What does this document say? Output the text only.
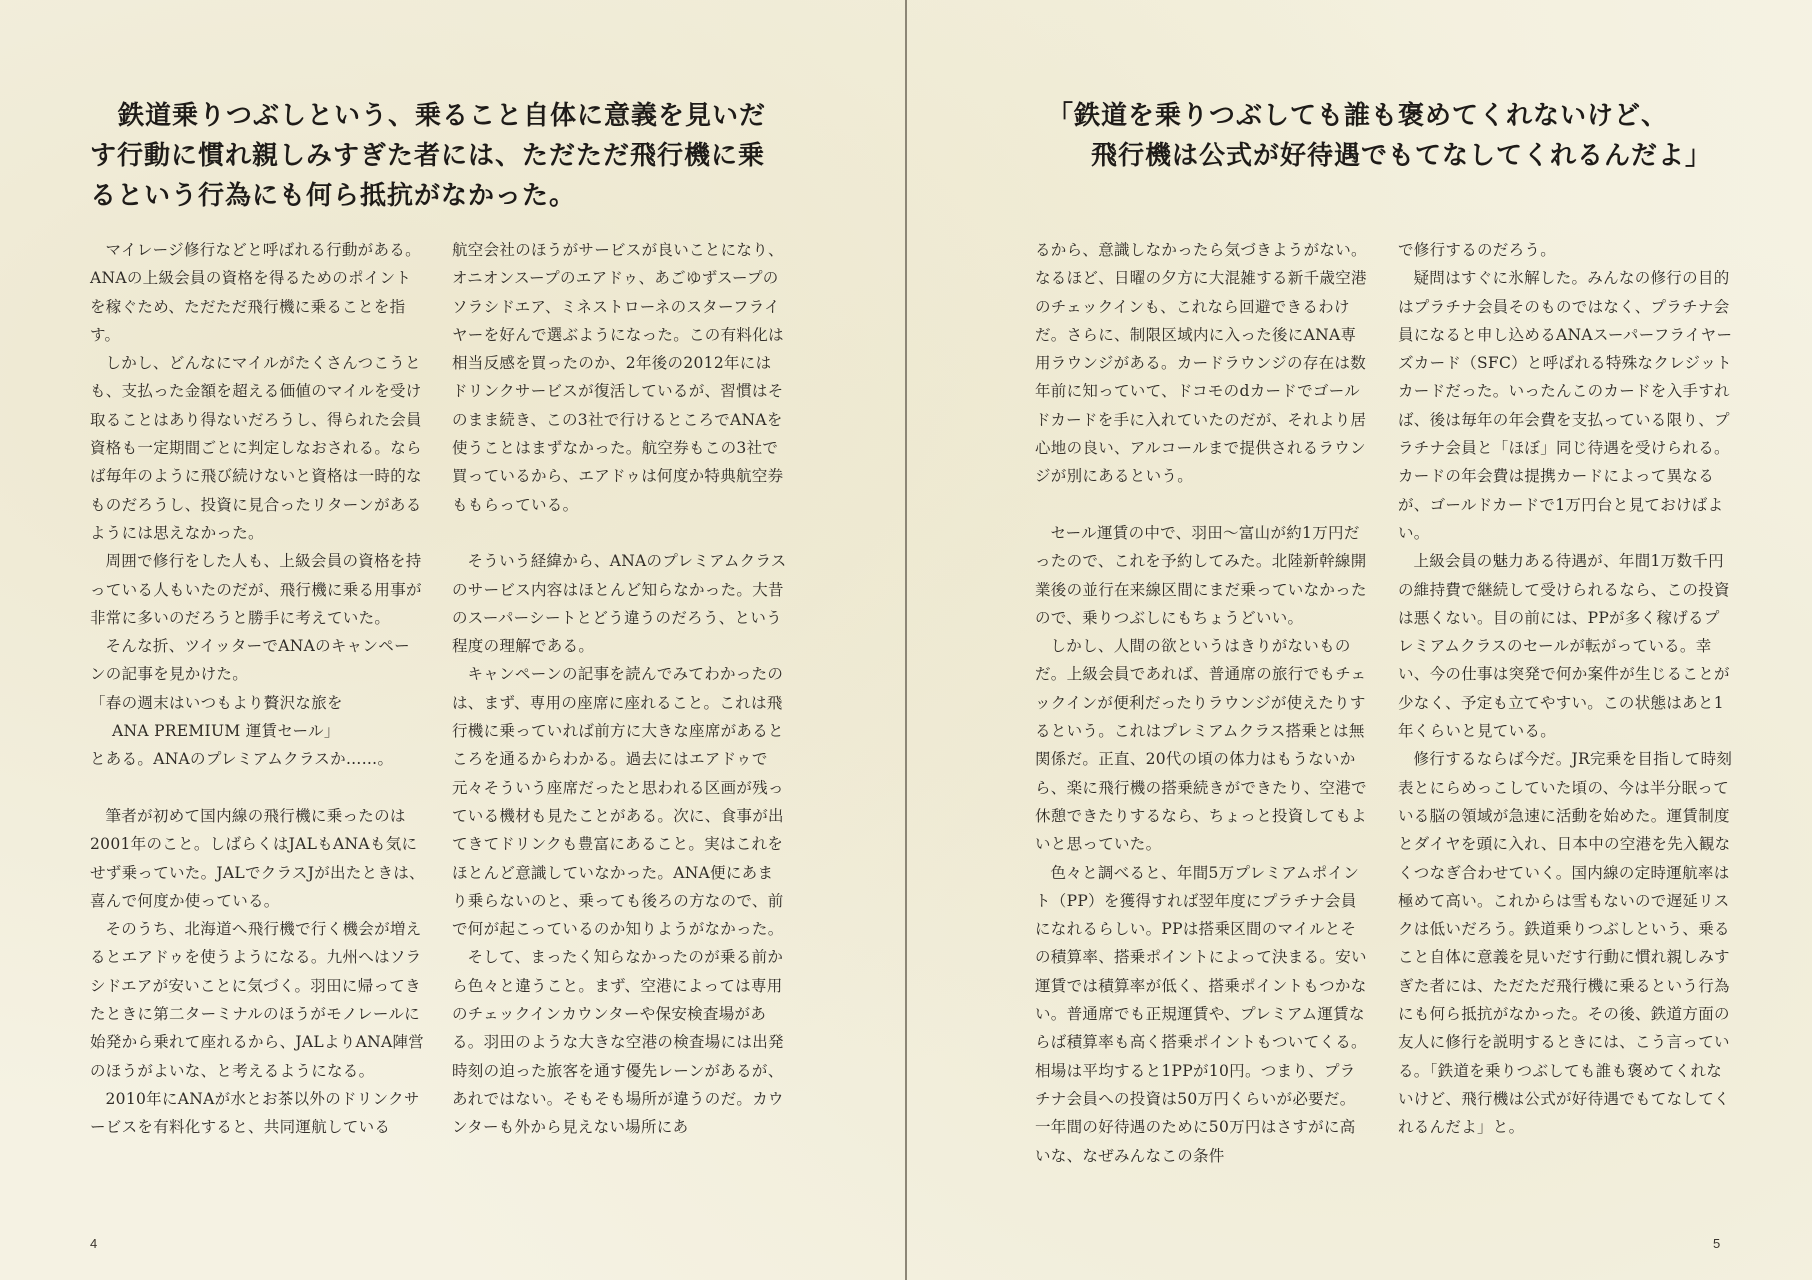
鉄道乗りつぶしという、乗ること自体に意義を見いだす行動に慣れ親しみすぎた者には、ただただ飛行機に乗るという行為にも何ら抵抗がなかった。

マイレージ修行などと呼ばれる行動がある。ANAの上級会員の資格を得るためのポイントを稼ぐため、ただただ飛行機に乗ることを指す。

しかし、どんなにマイルがたくさんつこうとも、支払った金額を超える価値のマイルを受け取ることはあり得ないだろうし、得られた会員資格も一定期間ごとに判定しなおされる。ならば毎年のように飛び続けないと資格は一時的なものだろうし、投資に見合ったリターンがあるようには思えなかった。

周囲で修行をした人も、上級会員の資格を持っている人もいたのだが、飛行機に乗る用事が非常に多いのだろうと勝手に考えていた。

そんな折、ツイッターでANAのキャンペーンの記事を見かけた。

「春の週末はいつもより贅沢な旅を

ANA PREMIUM 運賃セール」

とある。ANAのプレミアムクラスか……。

筆者が初めて国内線の飛行機に乗ったのは2001年のこと。しばらくはJALもANAも気にせず乗っていた。JALでクラスJが出たときは、喜んで何度か使っている。

そのうち、北海道へ飛行機で行く機会が増えるとエアドゥを使うようになる。九州へはソラシドエアが安いことに気づく。羽田に帰ってきたときに第二ターミナルのほうがモノレールに始発から乗れて座れるから、JALよりANA陣営のほうがよいな、と考えるようになる。

2010年にANAが水とお茶以外のドリンクサービスを有料化すると、共同運航している

航空会社のほうがサービスが良いことになり、オニオンスープのエアドゥ、あごゆずスープのソラシドエア、ミネストローネのスターフライヤーを好んで選ぶようになった。この有料化は相当反感を買ったのか、2年後の2012年にはドリンクサービスが復活しているが、習慣はそのまま続き、この3社で行けるところでANAを使うことはまずなかった。航空券もこの3社で買っているから、エアドゥは何度か特典航空券ももらっている。

そういう経緯から、ANAのプレミアムクラスのサービス内容はほとんど知らなかった。大昔のスーパーシートとどう違うのだろう、という程度の理解である。

キャンペーンの記事を読んでみてわかったのは、まず、専用の座席に座れること。これは飛行機に乗っていれば前方に大きな座席があるところを通るからわかる。過去にはエアドゥで元々そういう座席だったと思われる区画が残っている機材も見たことがある。次に、食事が出てきてドリンクも豊富にあること。実はこれをほとんど意識していなかった。ANA便にあまり乗らないのと、乗っても後ろの方なので、前で何が起こっているのか知りようがなかった。

そして、まったく知らなかったのが乗る前から色々と違うこと。まず、空港によっては専用のチェックインカウンターや保安検査場がある。羽田のような大きな空港の検査場には出発時刻の迫った旅客を通す優先レーンがあるが、あれではない。そもそも場所が違うのだ。カウンターも外から見えない場所にあ

4
「鉄道を乗りつぶしても誰も褒めてくれないけど、
飛行機は公式が好待遇でもてなしてくれるんだよ」

るから、意識しなかったら気づきようがない。なるほど、日曜の夕方に大混雑する新千歳空港のチェックインも、これなら回避できるわけだ。さらに、制限区域内に入った後にANA専用ラウンジがある。カードラウンジの存在は数年前に知っていて、ドコモのdカードでゴールドカードを手に入れていたのだが、それより居心地の良い、アルコールまで提供されるラウンジが別にあるという。

セール運賃の中で、羽田〜富山が約1万円だったので、これを予約してみた。北陸新幹線開業後の並行在来線区間にまだ乗っていなかったので、乗りつぶしにもちょうどいい。

しかし、人間の欲というはきりがないものだ。上級会員であれば、普通席の旅行でもチェックインが便利だったりラウンジが使えたりするという。これはプレミアムクラス搭乗とは無関係だ。正直、20代の頃の体力はもうないから、楽に飛行機の搭乗続きができたり、空港で休憩できたりするなら、ちょっと投資してもよいと思っていた。

色々と調べると、年間5万プレミアムポイント（PP）を獲得すれば翌年度にプラチナ会員になれるらしい。PPは搭乗区間のマイルとその積算率、搭乗ポイントによって決まる。安い運賃では積算率が低く、搭乗ポイントもつかない。普通席でも正規運賃や、プレミアム運賃ならば積算率も高く搭乗ポイントもついてくる。相場は平均すると1PPが10円。つまり、プラチナ会員への投資は50万円くらいが必要だ。一年間の好待遇のために50万円はさすがに高いな、なぜみんなこの条件

で修行するのだろう。

疑問はすぐに氷解した。みんなの修行の目的はプラチナ会員そのものではなく、プラチナ会員になると申し込めるANAスーパーフライヤーズカード（SFC）と呼ばれる特殊なクレジットカードだった。いったんこのカードを入手すれば、後は毎年の年会費を支払っている限り、プラチナ会員と「ほぼ」同じ待遇を受けられる。カードの年会費は提携カードによって異なるが、ゴールドカードで1万円台と見ておけばよい。

上級会員の魅力ある待遇が、年間1万数千円の維持費で継続して受けられるなら、この投資は悪くない。目の前には、PPが多く稼げるプレミアムクラスのセールが転がっている。幸い、今の仕事は突発で何か案件が生じることが少なく、予定も立てやすい。この状態はあと1年くらいと見ている。

修行するならば今だ。JR完乗を目指して時刻表とにらめっこしていた頃の、今は半分眠っている脳の領域が急速に活動を始めた。運賃制度とダイヤを頭に入れ、日本中の空港を先入観なくつなぎ合わせていく。国内線の定時運航率は極めて高い。これからは雪もないので遅延リスクは低いだろう。鉄道乗りつぶしという、乗ること自体に意義を見いだす行動に慣れ親しみすぎた者には、ただただ飛行機に乗るという行為にも何ら抵抗がなかった。その後、鉄道方面の友人に修行を説明するときには、こう言っている。「鉄道を乗りつぶしても誰も褒めてくれないけど、飛行機は公式が好待遇でもてなしてくれるんだよ」と。

5
